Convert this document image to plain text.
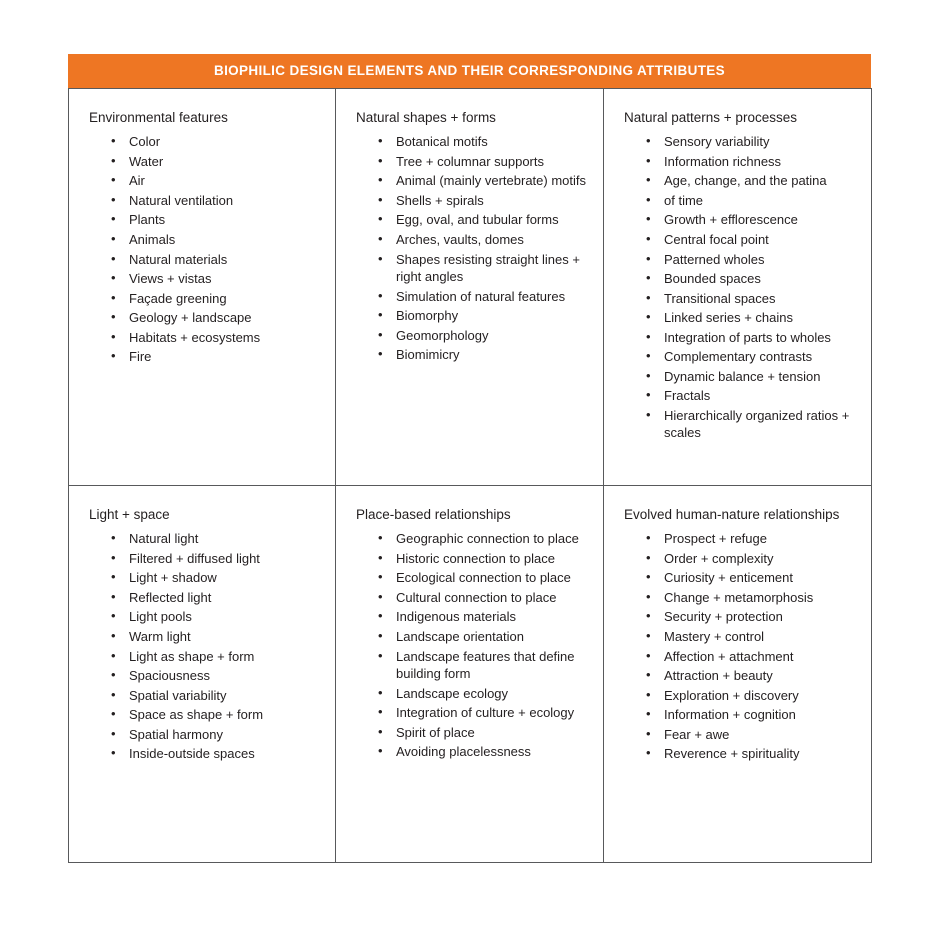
BIOPHILIC DESIGN ELEMENTS AND THEIR CORRESPONDING ATTRIBUTES
Environmental features
• Color
• Water
• Air
• Natural ventilation
• Plants
• Animals
• Natural materials
• Views + vistas
• Façade greening
• Geology + landscape
• Habitats + ecosystems
• Fire

Natural shapes + forms
• Botanical motifs
• Tree + columnar supports
• Animal (mainly vertebrate) motifs
• Shells + spirals
• Egg, oval, and tubular forms
• Arches, vaults, domes
• Shapes resisting straight lines + right angles
• Simulation of natural features
• Biomorphy
• Geomorphology
• Biomimicry

Natural patterns + processes
• Sensory variability
• Information richness
• Age, change, and the patina
• of time
• Growth + efflorescence
• Central focal point
• Patterned wholes
• Bounded spaces
• Transitional spaces
• Linked series + chains
• Integration of parts to wholes
• Complementary contrasts
• Dynamic balance + tension
• Fractals
• Hierarchically organized ratios + scales

Light + space
• Natural light
• Filtered + diffused light
• Light + shadow
• Reflected light
• Light pools
• Warm light
• Light as shape + form
• Spaciousness
• Spatial variability
• Space as shape + form
• Spatial harmony
• Inside-outside spaces

Place-based relationships
• Geographic connection to place
• Historic connection to place
• Ecological connection to place
• Cultural connection to place
• Indigenous materials
• Landscape orientation
• Landscape features that define building form
• Landscape ecology
• Integration of culture + ecology
• Spirit of place
• Avoiding placelessness

Evolved human-nature relationships
• Prospect + refuge
• Order + complexity
• Curiosity + enticement
• Change + metamorphosis
• Security + protection
• Mastery + control
• Affection + attachment
• Attraction + beauty
• Exploration + discovery
• Information + cognition
• Fear + awe
• Reverence + spirituality
